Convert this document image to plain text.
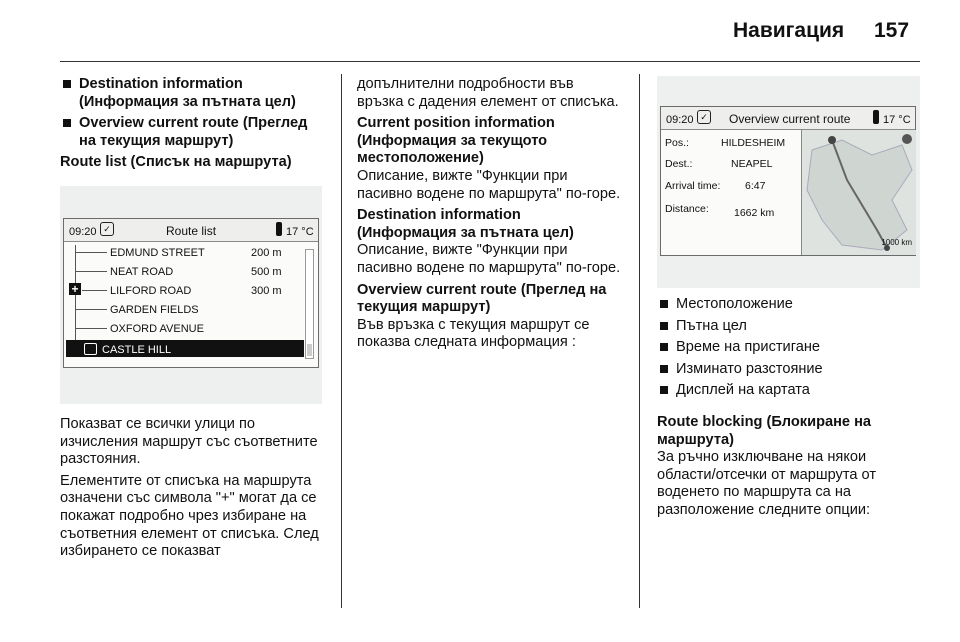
Навигация 157
Destination information
(Информация за пътната цел)
Overview current route (Преглед
на текущия маршрут)
Route list (Списък на маршрута)
09:20 ✓	Route list	17 °C
EDMUND STREET	200 m
NEAT ROAD	500 m
+	LILFORD ROAD	300 m
GARDEN FIELDS
OXFORD AVENUE
CASTLE HILL

Показват се всички улици по изчисления маршрут със съответните разстояния.

Елементите от списъка на маршрута означени със символа "+" могат да се покажат подробно чрез избиране на съответния елемент от списъка. След избирането се показват

допълнителни подробности във връзка с дадения елемент от списъка.

Current position information (Информация за текущото местоположение)

Описание, вижте "Функции при пасивно водене по маршрута" по-горе.

Destination information (Информация за пътната цел)

Описание, вижте "Функции при пасивно водене по маршрута" по-горе.

Overview current route (Преглед на текущия маршрут)

Във връзка с текущия маршрут се показва следната информация :

09:20 ✓ Overview current route	17 °C
Pos.:	HILDESHEIM
Dest.:	NEAPEL
Arrival time: 6:47
Distance: 1662 km
1000 km
Местоположение
Пътна цел
Време на пристигане
Изминато разстояние
Дисплей на картата
Route blocking (Блокиране на маршрута)

За ръчно изключване на някои области/отсечки от маршрута от воденето по маршрута са на разположение следните опции:
